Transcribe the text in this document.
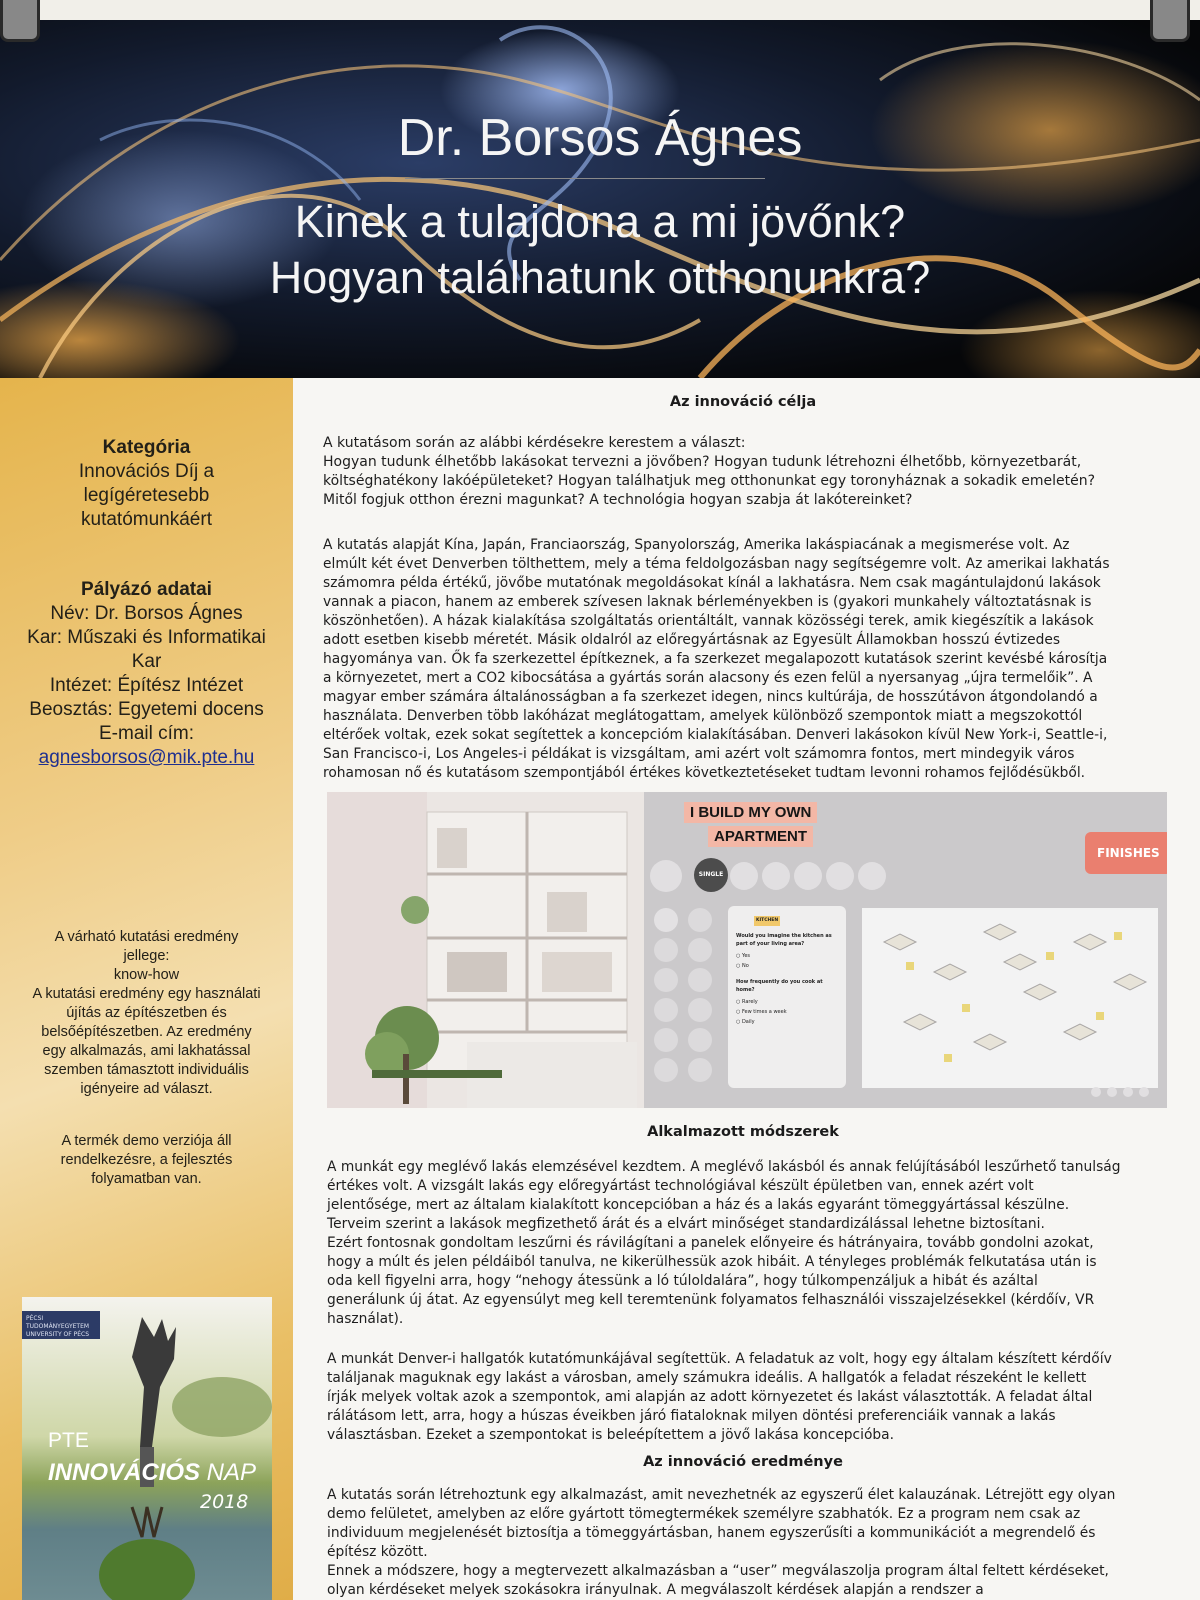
Dr. Borsos Ágnes
Kinek a tulajdona a mi jövőnk?
Hogyan találhatunk otthonunkra?
Kategória
Innovációs Díj a
legígéretesebb
kutatómunkáért
Pályázó adatai
Név: Dr. Borsos Ágnes
Kar: Műszaki és Informatikai
Kar
Intézet: Építész Intézet
Beosztás: Egyetemi docens
E-mail cím:
agnesborsos@mik.pte.hu
A várható kutatási eredmény
jellege:
know-how
A kutatási eredmény egy használati
újítás az építészetben és
belsőépítészetben. Az eredmény
egy alkalmazás, ami lakhatással
szemben támasztott individuális
igényeire ad választ.
A termék demo verziója áll
rendelkezésre, a fejlesztés
folyamatban van.
PÉCSI TUDOMÁNYEGYETEM UNIVERSITY OF PÉCS
PTE
INNOVÁCIÓS NAP
2018
Az innováció célja
A kutatásom során az alábbi kérdésekre kerestem a választ:
Hogyan tudunk élhetőbb lakásokat tervezni a jövőben? Hogyan tudunk létrehozni élhetőbb, környezetbarát,
költséghatékony lakóépületeket? Hogyan találhatjuk meg otthonunkat egy toronyháznak a sokadik emeletén?
Mitől fogjuk otthon érezni magunkat? A technológia hogyan szabja át lakótereinket?
A kutatás alapját Kína, Japán, Franciaország, Spanyolország, Amerika lakáspiacának a megismerése volt. Az
elmúlt két évet Denverben tölthettem, mely a téma feldolgozásban nagy segítségemre volt. Az amerikai lakhatás
számomra példa értékű, jövőbe mutatónak megoldásokat kínál a lakhatásra. Nem csak magántulajdonú lakások
vannak a piacon, hanem az emberek szívesen laknak bérleményekben is (gyakori munkahely változtatásnak is
köszönhetően). A házak kialakítása szolgáltatás orientáltált, vannak közösségi terek, amik kiegészítik a lakások
adott esetben kisebb méretét. Másik oldalról az előregyártásnak az Egyesült Államokban hosszú évtizedes
hagyománya van. Ők fa szerkezettel építkeznek, a fa szerkezet megalapozott kutatások szerint kevésbé károsítja
a környezetet, mert a CO2 kibocsátása a gyártás során alacsony és ezen felül a nyersanyag „újra termelőik”. A
magyar ember számára általánosságban a fa szerkezet idegen, nincs kultúrája, de hosszútávon átgondolandó a
használata. Denverben több lakóházat meglátogattam, amelyek különböző szempontok miatt a megszokottól
eltérőek voltak, ezek sokat segítettek a koncepcióm kialakításában. Denveri lakásokon kívül New York-i, Seattle-i,
San Francisco-i, Los Angeles-i példákat is vizsgáltam, ami azért volt számomra fontos, mert mindegyik város
rohamosan nő és kutatásom szempontjából értékes következtetéseket tudtam levonni rohamos fejlődésükből.
I BUILD MY OWN
APARTMENT
SINGLE
KITCHEN
Would you imagine the kitchen as part of your living area?
○ Yes
○ No
How frequently do you cook at home?
○ Rarely
○ Few times a week
○ Daily
FINISHES
Alkalmazott módszerek
A munkát egy meglévő lakás elemzésével kezdtem. A meglévő lakásból és annak felújításából leszűrhető tanulság
értékes volt. A vizsgált lakás egy előregyártást technológiával készült épületben van, ennek azért volt
jelentősége, mert az általam kialakított koncepcióban a ház és a lakás egyaránt tömeggyártással készülne.
Terveim szerint a lakások megfizethető árát és a elvárt minőséget standardizálással lehetne biztosítani.
Ezért fontosnak gondoltam leszűrni és rávilágítani a panelek előnyeire és hátrányaira, tovább gondolni azokat,
hogy a múlt és jelen példáiból tanulva, ne kikerülhessük azok hibáit. A tényleges problémák felkutatása után is
oda kell figyelni arra, hogy “nehogy átessünk a ló túloldalára”, hogy túlkompenzáljuk a hibát és azáltal
generálunk új átat. Az egyensúlyt meg kell teremtenünk folyamatos felhasználói visszajelzésekkel (kérdőív, VR
használat).
A munkát Denver-i hallgatók kutatómunkájával segítettük. A feladatuk az volt, hogy egy általam készített kérdőív
találjanak maguknak egy lakást a városban, amely számukra ideális. A hallgatók a feladat részeként le kellett
írják melyek voltak azok a szempontok, ami alapján az adott környezetet és lakást választották. A feladat által
rálátásom lett, arra, hogy a húszas éveikben járó fiataloknak milyen döntési preferenciáik vannak a lakás
választásban. Ezeket a szempontokat is beleépítettem a jövő lakása koncepcióba.
Az innováció eredménye
A kutatás során létrehoztunk egy alkalmazást, amit nevezhetnék az egyszerű élet kalauzának. Létrejött egy olyan
demo felületet, amelyben az előre gyártott tömegtermékek személyre szabhatók. Ez a program nem csak az
individuum megjelenését biztosítja a tömeggyártásban, hanem egyszerűsíti a kommunikációt a megrendelő és
építész között.
Ennek a módszere, hogy a megtervezett alkalmazásban a “user” megválaszolja program által feltett kérdéseket,
olyan kérdéseket melyek szokásokra irányulnak. A megválaszolt kérdések alapján a rendszer a
